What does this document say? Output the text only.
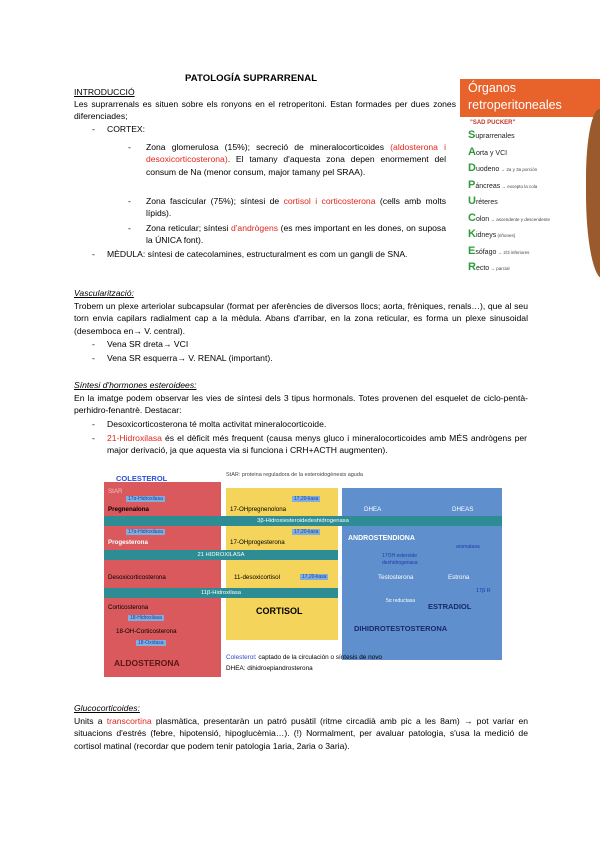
PATOLOGÍA SUPRARRENAL
INTRODUCCIÓ
Les suprarrenals es situen sobre els ronyons en el retroperitoni. Estan formades per dues zones diferenciades;
- CORTEX:
- Zona glomerulosa (15%); secreció de mineralocorticoides (aldosterona i desoxicorticosterona). El tamany d'aquesta zona depen enormement del consum de Na (menor consum, major tamany pel SRAA).
- Zona fascicular (75%); síntesi de cortisol i corticosterona (cells amb molts lípids).
- Zona reticular; síntesi d'andrògens (es mes important en les dones, on suposa la ÚNICA font).
- MÈDULA: síntesi de catecolamines, estructuralment es com un gangli de SNA.
Órganos
retroperitoneales
"SAD PUCKER"
Suprarrenales
Aorta y VCI
Duodeno → 2a y 3a porción
Páncreas → excepto la cola
Uréteres
Colon → ascendente y descendente
Kidneys (riñones)
Esófago → 2/3 inferiores
Recto → parcial
Vascularització:
Trobem un plexe arteriolar subcapsular (format per aferències de diversos llocs; aorta, frèniques, renals…), que al seu torn envia capilars radialment cap a la mèdula. Abans d'arribar, en la zona reticular, es forma un plexe sinusoidal (desemboca en→ V. central).
- Vena SR dreta→ VCI
- Vena SR esquerra→ V. RENAL (important).
Síntesi d'hormones esteroidees:
En la imatge podem observar les vies de síntesi dels 3 tipus hormonals. Totes provenen del esquelet de ciclo-pentà-perhidro-fenantrè. Destacar:
- Desoxicorticosterona té molta activitat mineralocorticoide.
- 21-Hidroxilasa és el dèficit més frequent (causa menys gluco i mineralocorticoides amb MÉS andrògens per major derivació, ja que aquesta via si funciona i CRH+ACTH augmenten).
COLESTEROL	StAR: proteina reguladora de la esteroidogènesis aguda
StAR
17α-Hidroxilasa
Pregnenalona
17,20-liasa
17-OHpregnenolona	DHEA	DHEAS
3β-Hidroxiesteroidedeshidrogenasa
17α-Hidroxilasa
Progesterona
17,20-liasa
17-OHprogesterona
ANDROSTENDIONA
21 HIDROXILASA
aromatasa
17OH esteroide deshidrogenasa
Desoxicorticosterona	11-desoxicortisol	17,20-liasa	Testosterona	Estrona
11β-Hidroxilasa	17β R
ESTRADIOL
Corticosterona	CORTISOL
5α reductasa
18-Hidroxilasa
18-OH-Corticosterona
18-Oxidasa
DIHIDROTESTOSTERONA
ALDOSTERONA
Colesterol: captado de la circulación o síntesis de novo
DHEA: dihidroepiandrosterona
Glucocorticoides:
Units a transcortina plasmàtica, presentaràn un patró pusàtil (ritme circadià amb pic a les 8am) → pot variar en situacions d'estrés (febre, hipotensió, hipoglucèmia…). (!) Normalment, per avaluar patologia, s'usa la medició de cortisol matinal (recordar que podem tenir patologia 1aria, 2aria o 3aria).
